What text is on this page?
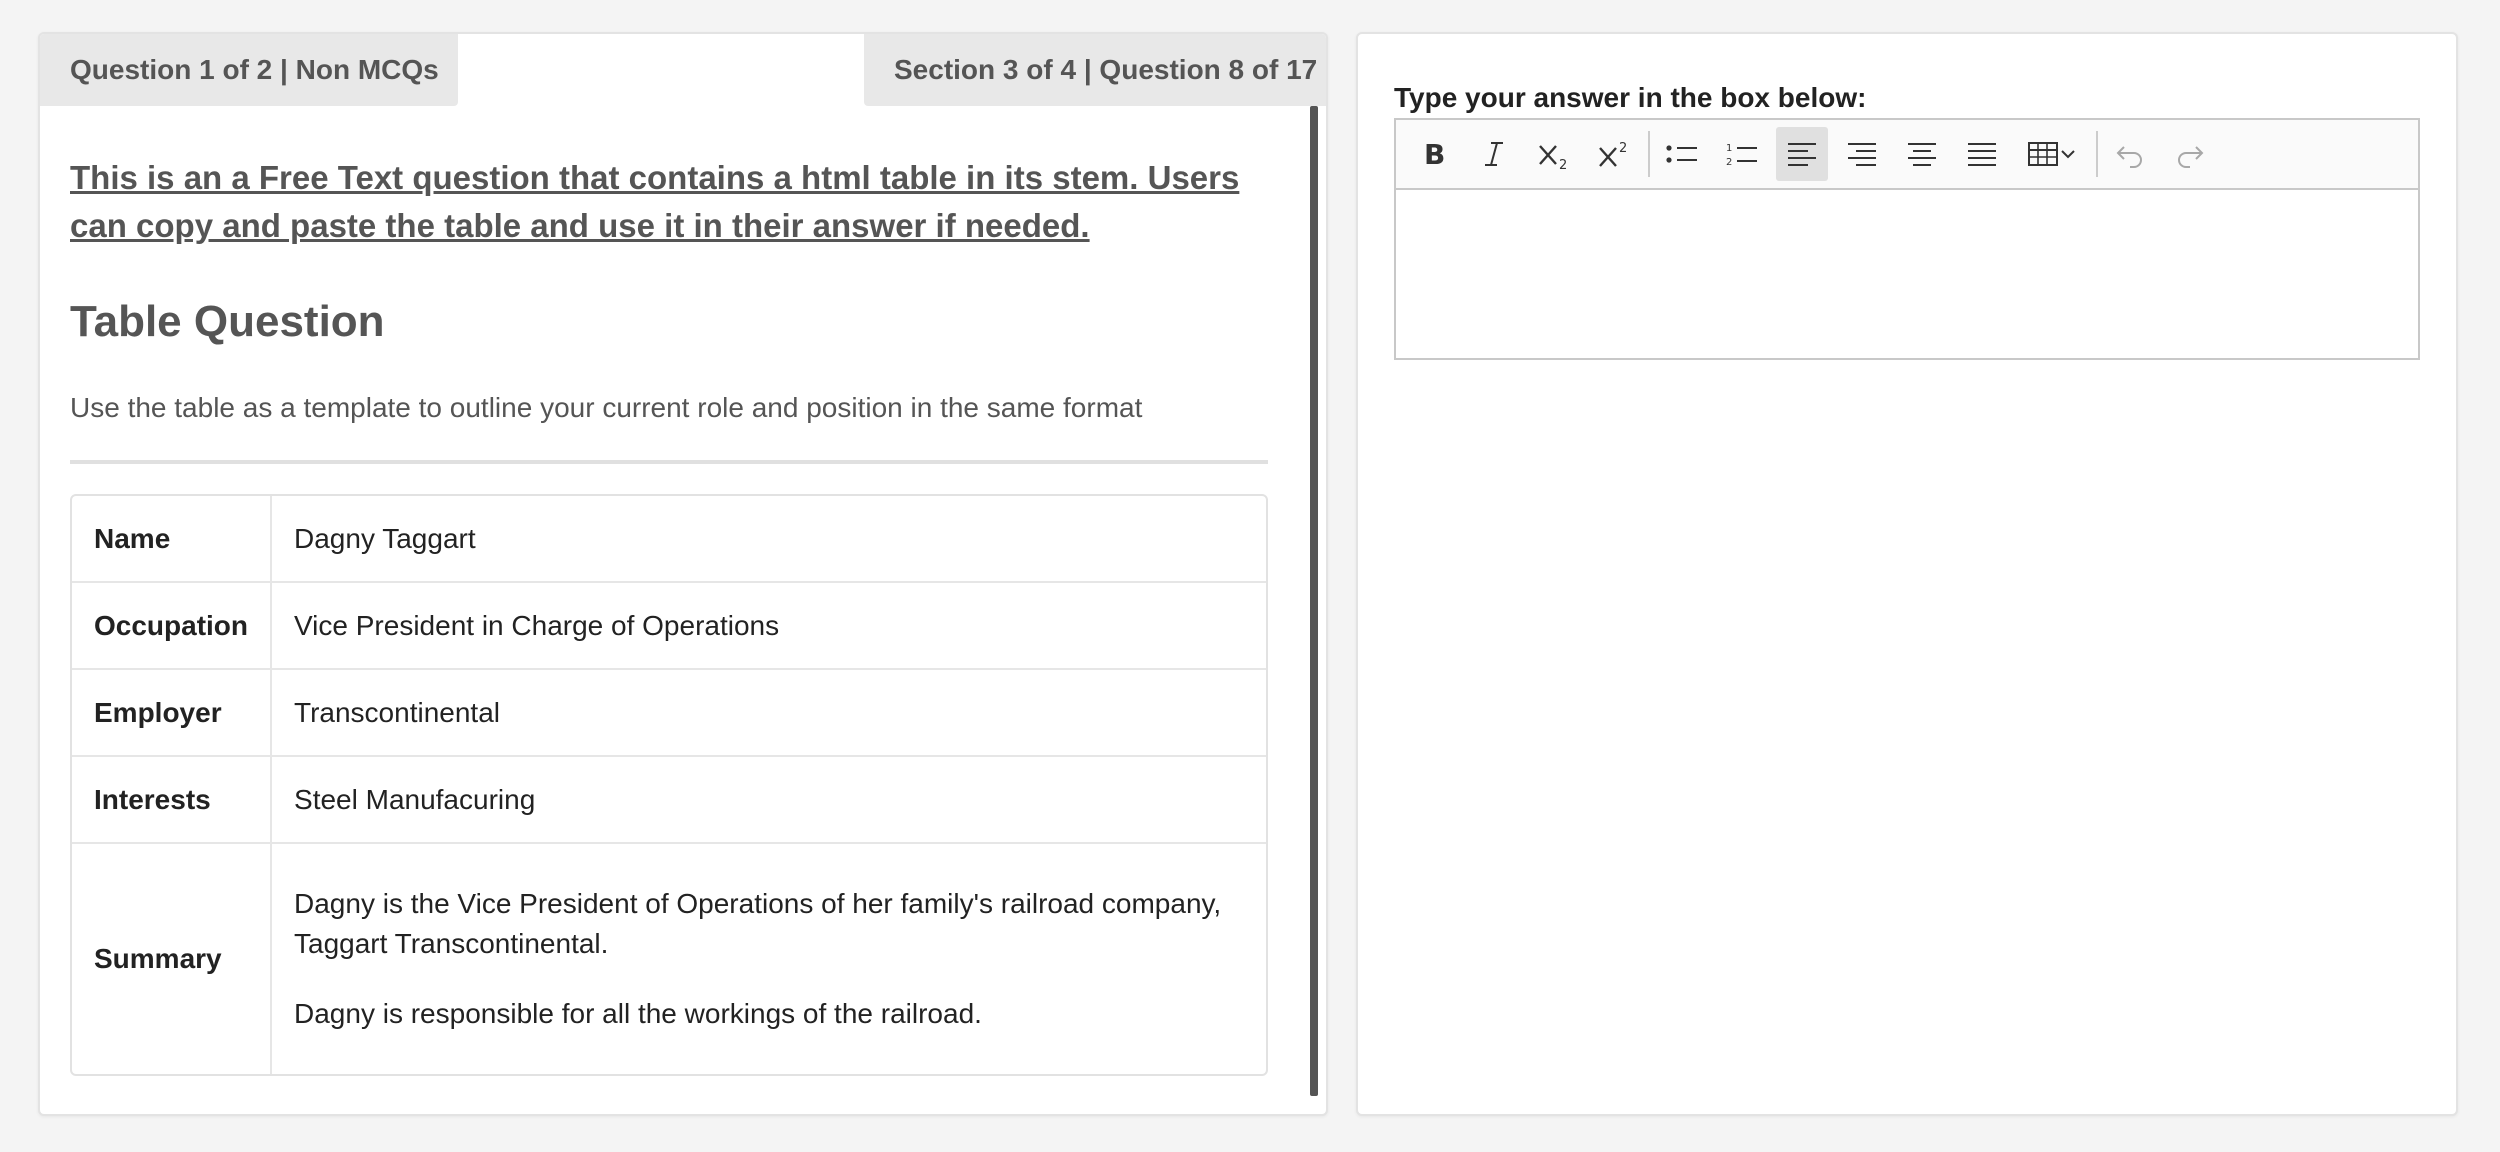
Question 1 of 2 | Non MCQs	Section 3 of 4 | Question 8 of 17
This is an a Free Text question that contains a html table in its stem. Users can copy and paste the table and use it in their answer if needed.
Table Question
Use the table as a template to outline your current role and position in the same format
Name	Dagny Taggart
Occupation	Vice President in Charge of Operations
Employer	Transcontinental
Interests	Steel Manufacuring
Summary	Dagny is the Vice President of Operations of her family's railroad company, Taggart Transcontinental.

Dagny is responsible for all the workings of the railroad.

Type your answer in the box below:
B	2
2	1
2
